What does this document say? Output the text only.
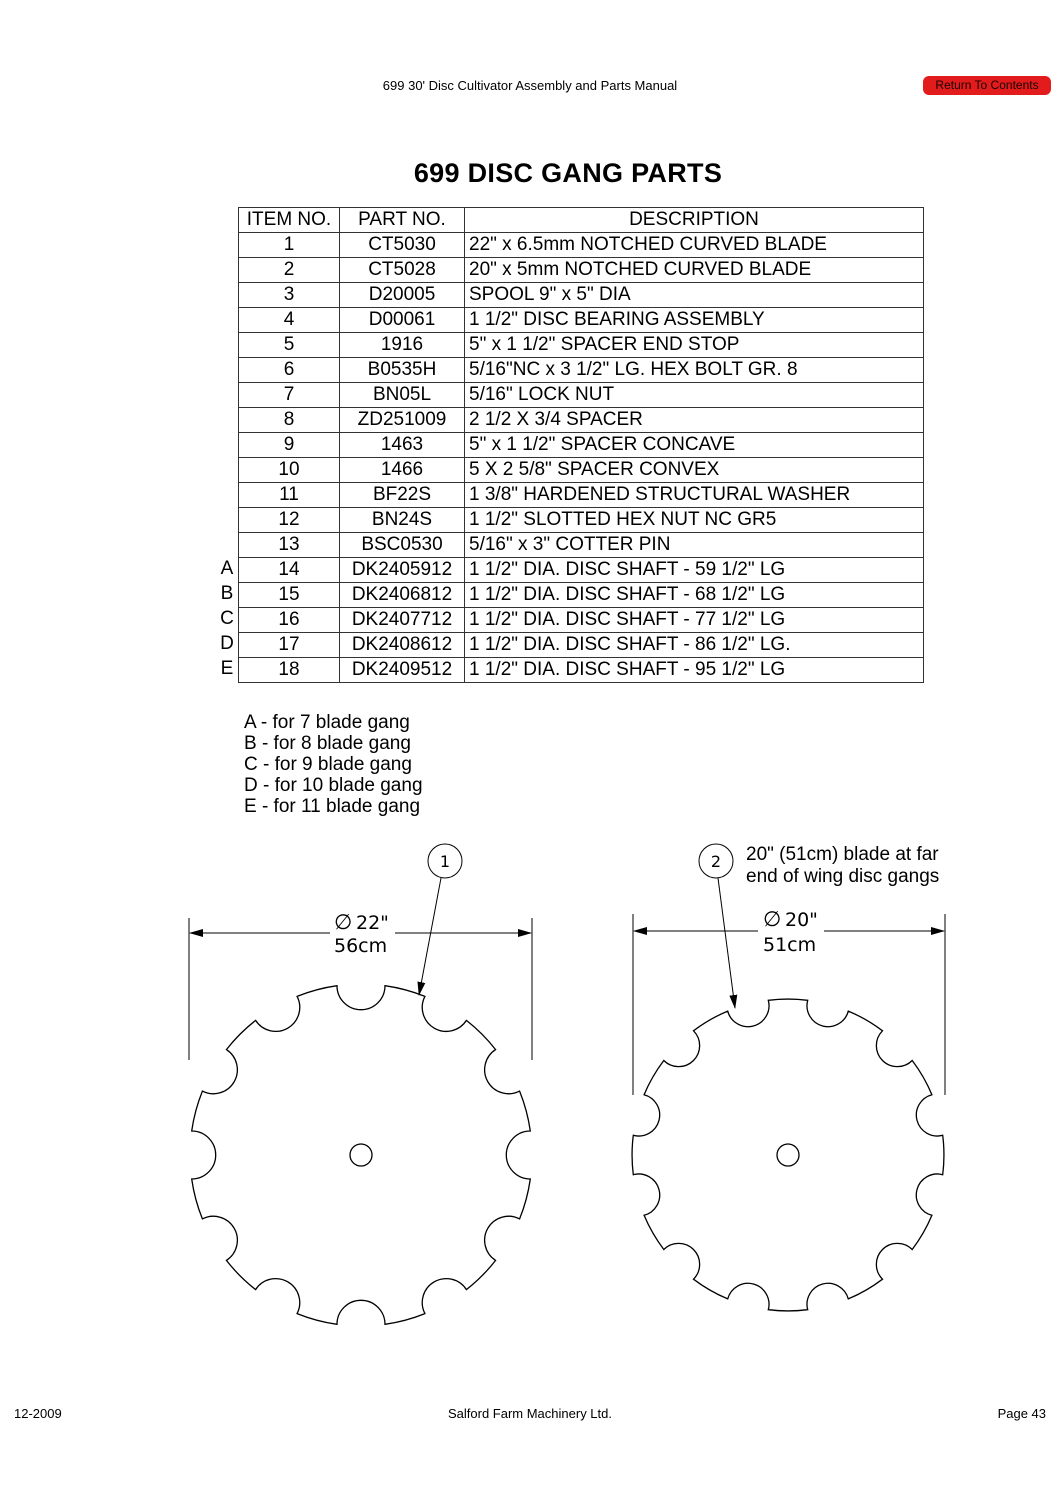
699 30' Disc Cultivator Assembly and Parts Manual	Return To Contents
699 DISC GANG PARTS
ITEM NO.	PART NO.	DESCRIPTION
1	CT5030	22" x 6.5mm NOTCHED CURVED BLADE
2	CT5028	20" x 5mm NOTCHED CURVED BLADE
3	D20005	SPOOL 9" x 5" DIA
4	D00061	1 1/2" DISC BEARING ASSEMBLY
5	1916	5" x 1 1/2" SPACER END STOP
6	B0535H	5/16"NC x 3 1/2" LG. HEX BOLT GR. 8
7	BN05L	5/16" LOCK NUT
8	ZD251009	2 1/2 X 3/4 SPACER
9	1463	5" x 1 1/2" SPACER CONCAVE
10	1466	5 X 2 5/8" SPACER CONVEX
11	BF22S	1 3/8" HARDENED STRUCTURAL WASHER
12	BN24S	1 1/2" SLOTTED HEX NUT NC GR5
13	BSC0530	5/16" x 3" COTTER PIN
14	DK2405912	1 1/2" DIA. DISC SHAFT - 59 1/2" LG
15	DK2406812	1 1/2" DIA. DISC SHAFT - 68 1/2" LG
16	DK2407712	1 1/2" DIA. DISC SHAFT - 77 1/2" LG
17	DK2408612	1 1/2" DIA. DISC SHAFT - 86 1/2" LG.
18	DK2409512	1 1/2" DIA. DISC SHAFT - 95 1/2" LG
A
B
C
D
E
A - for 7 blade gang
B - for 8 blade gang
C - for 9 blade gang
D - for 10 blade gang
E - for 11 blade gang
∅ 22"
56cm
1
∅ 20"
51cm
2 20" (51cm) blade at far
end of wing disc gangs
12-2009	Salford Farm Machinery Ltd.	Page 43
